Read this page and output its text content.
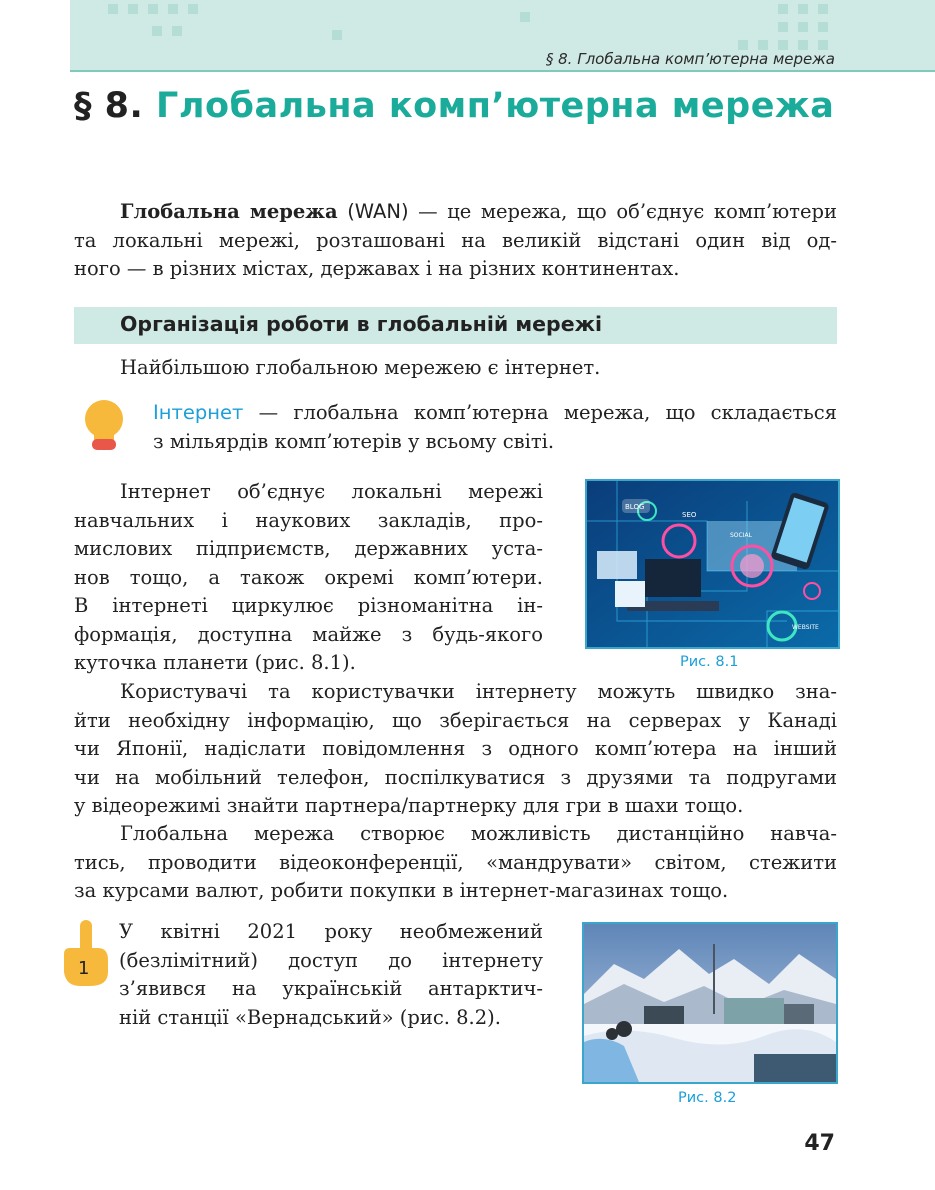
§ 8. Глобальна комп’ютерна мережа
§ 8. Глобальна комп’ютерна мережа
Глобальна мережа (WAN) — це мережа, що об’єднує комп’ютери
та локальні мережі, розташовані на великій відстані один від од-
ного — в різних містах, державах і на різних континентах.
Організація роботи в глобальній мережі
Найбільшою глобальною мережею є інтернет.
Інтернет — глобальна комп’ютерна мережа, що складається
з мільярдів комп’ютерів у всьому світі.
Інтернет об’єднує локальні мережі
навчальних і наукових закладів, про-
мислових підприємств, державних уста-
нов тощо, а також окремі комп’ютери.
В інтернеті циркулює різноманітна ін-
формація, доступна майже з будь-якого
куточка планети (рис. 8.1).
BLOG
SEO
SOCIAL
WEBSITE
Рис. 8.1
Користувачі та користувачки інтернету можуть швидко зна-
йти необхідну інформацію, що зберігається на серверах у Канаді
чи Японії, надіслати повідомлення з одного комп’ютера на інший
чи на мобільний телефон, поспілкуватися з друзями та подругами
у відеорежимі знайти партнера/партнерку для гри в шахи тощо.
Глобальна мережа створює можливість дистанційно навча-
тись, проводити відеоконференції, «мандрувати» світом, стежити
за курсами валют, робити покупки в інтернет-магазинах тощо.
1
У квітні 2021 року необмежений
(безлімітний) доступ до інтернету
з’явився на українській антарктич-
ній станції «Вернадський» (рис. 8.2).
Рис. 8.2
47
